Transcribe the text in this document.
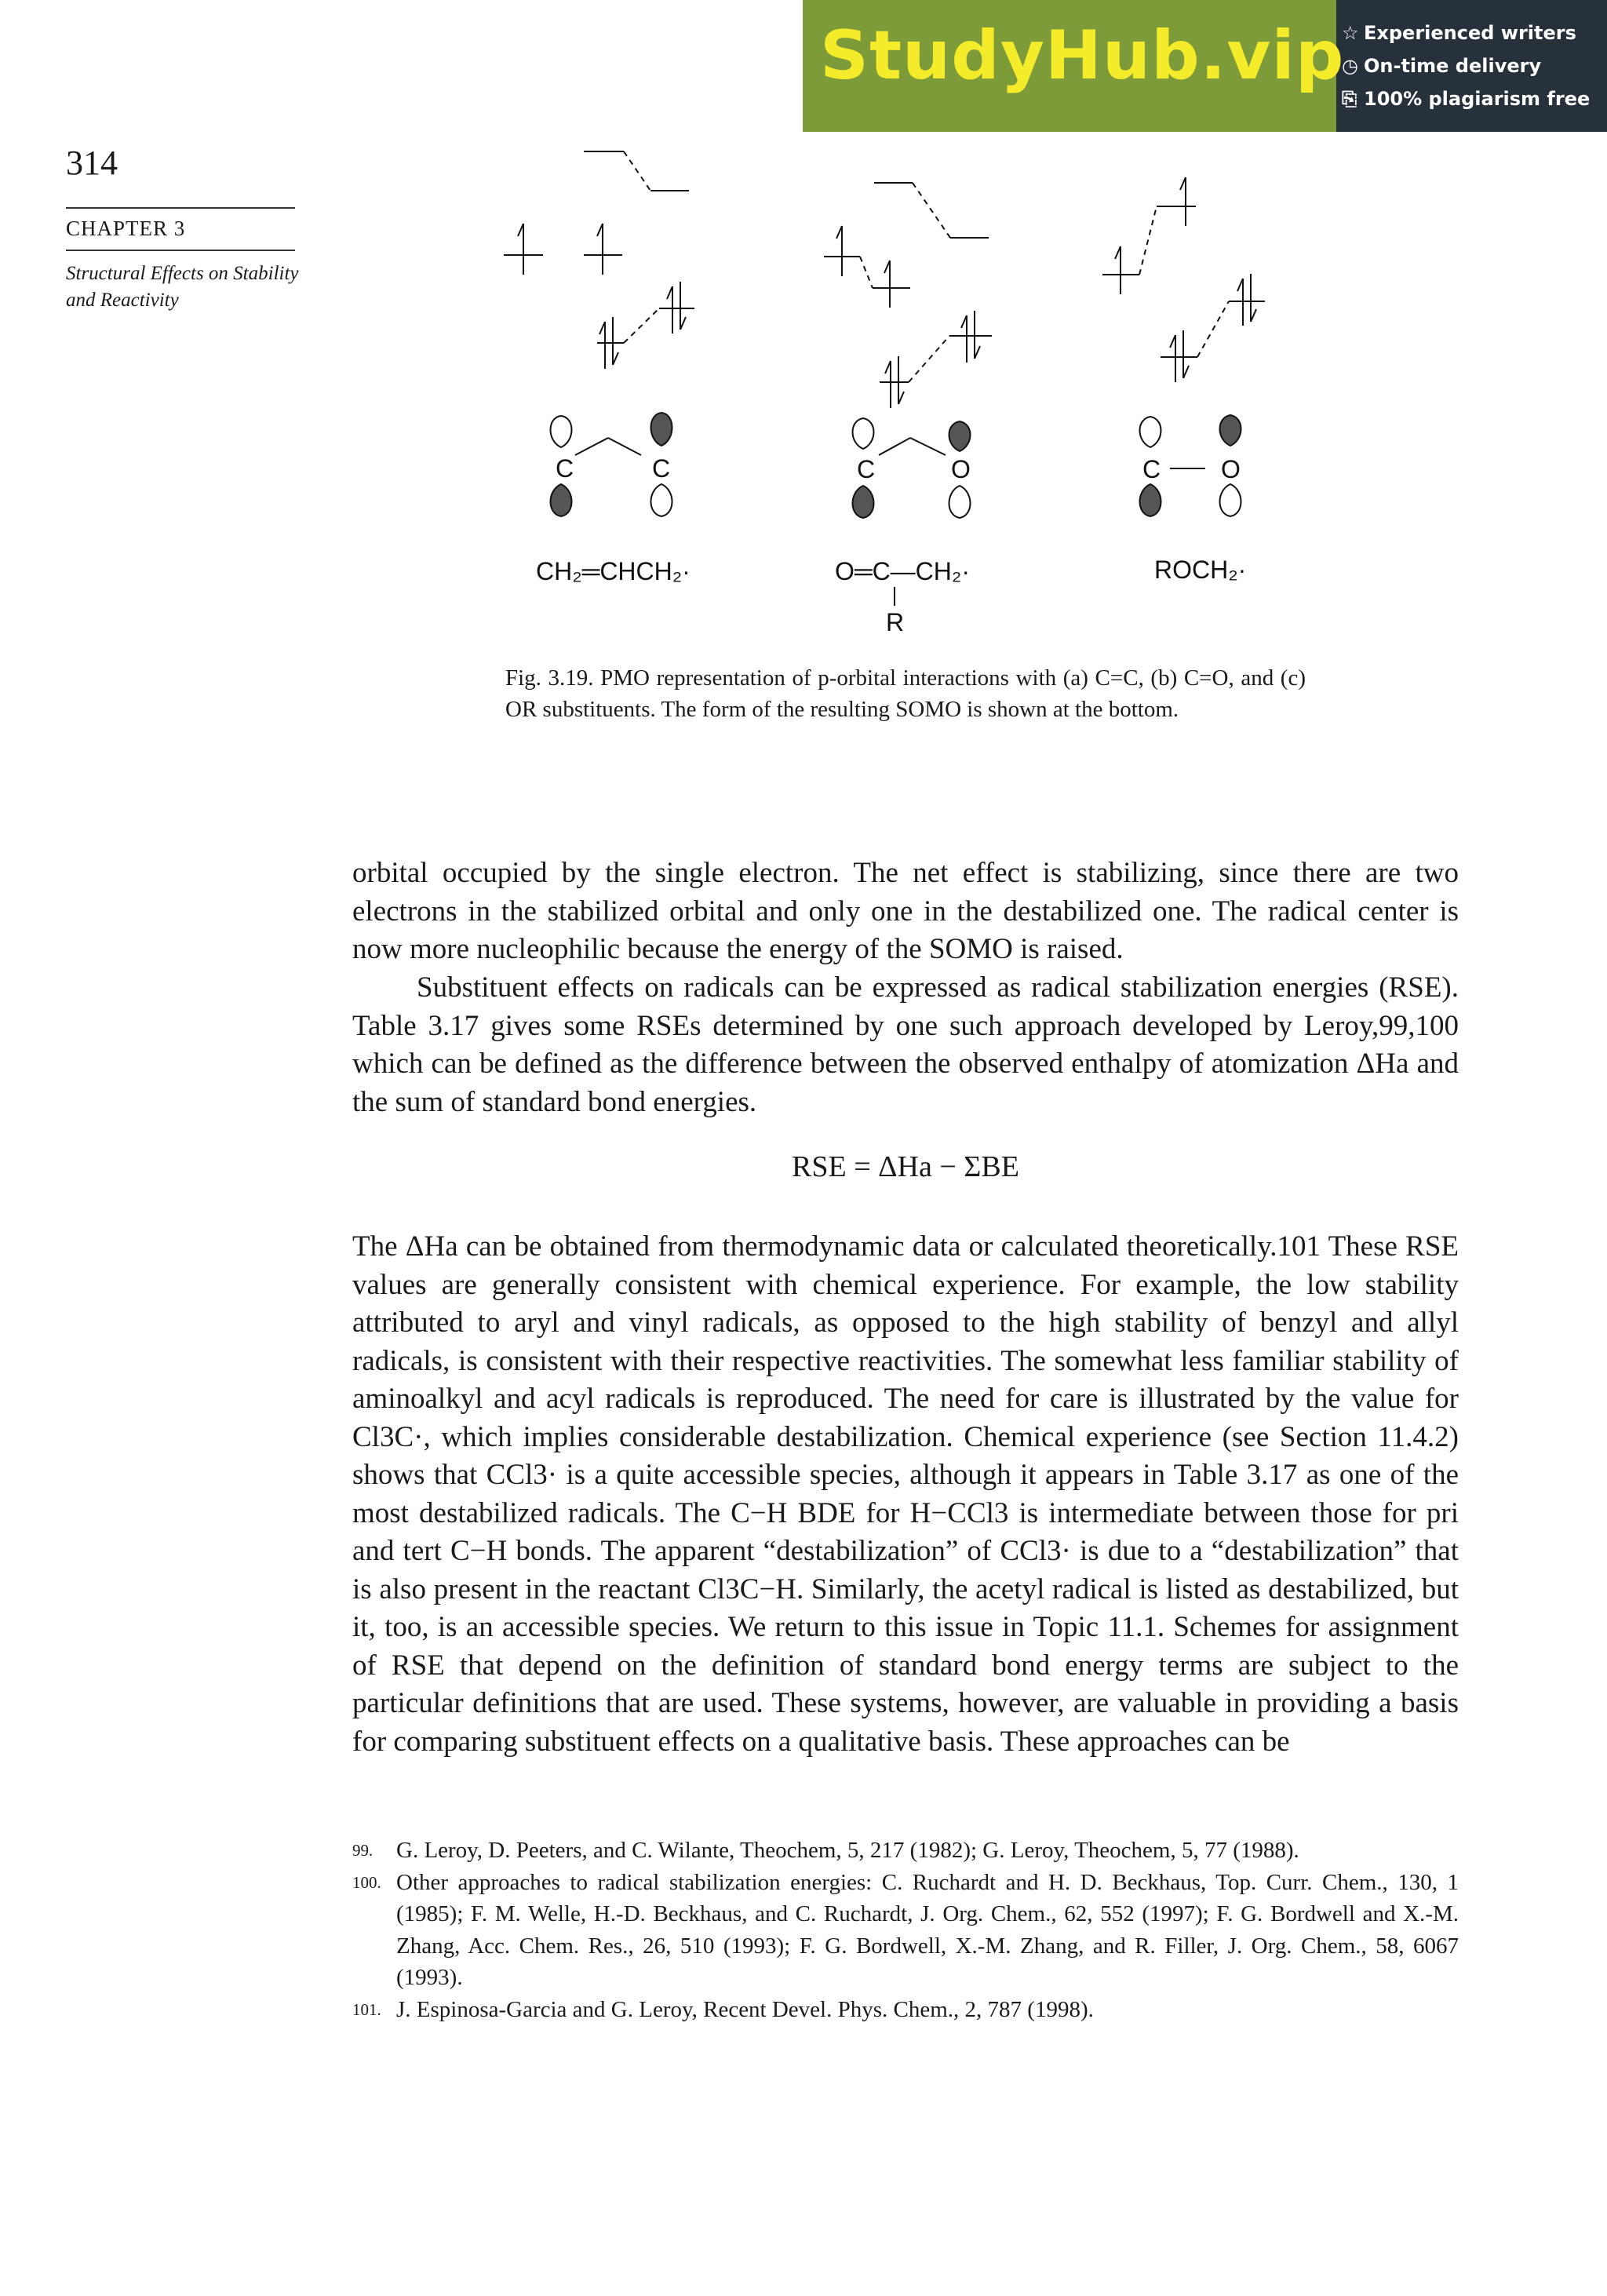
StudyHub.vip
☆ Experienced writers
◷ On-time delivery
⎘ 100% plagiarism free
314
CHAPTER 3
Structural Effects on Stability and Reactivity
C	C	C	O	C O
CH₂═CHCH₂·	O═C—CH₂·
R
ROCH₂·
Fig. 3.19. PMO representation of p-orbital interactions with (a) C=C, (b) C=O, and (c) OR substituents. The form of the resulting SOMO is shown at the bottom.
orbital occupied by the single electron. The net effect is stabilizing, since there are two electrons in the stabilized orbital and only one in the destabilized one. The radical center is now more nucleophilic because the energy of the SOMO is raised.
Substituent effects on radicals can be expressed as radical stabilization energies (RSE). Table 3.17 gives some RSEs determined by one such approach developed by Leroy,99,100 which can be defined as the difference between the observed enthalpy of atomization ΔHa and the sum of standard bond energies.
RSE = ΔHa − ΣBE
The ΔHa can be obtained from thermodynamic data or calculated theoretically.101 These RSE values are generally consistent with chemical experience. For example, the low stability attributed to aryl and vinyl radicals, as opposed to the high stability of benzyl and allyl radicals, is consistent with their respective reactivities. The somewhat less familiar stability of aminoalkyl and acyl radicals is reproduced. The need for care is illustrated by the value for Cl3C·, which implies considerable destabilization. Chemical experience (see Section 11.4.2) shows that CCl3· is a quite accessible species, although it appears in Table 3.17 as one of the most destabilized radicals. The C−H BDE for H−CCl3 is intermediate between those for pri and tert C−H bonds. The apparent “destabilization” of CCl3· is due to a “destabilization” that is also present in the reactant Cl3C−H. Similarly, the acetyl radical is listed as destabilized, but it, too, is an accessible species. We return to this issue in Topic 11.1. Schemes for assignment of RSE that depend on the definition of standard bond energy terms are subject to the particular definitions that are used. These systems, however, are valuable in providing a basis for comparing substituent effects on a qualitative basis. These approaches can be
99. G. Leroy, D. Peeters, and C. Wilante, Theochem, 5, 217 (1982); G. Leroy, Theochem, 5, 77 (1988).
100. Other approaches to radical stabilization energies: C. Ruchardt and H. D. Beckhaus, Top. Curr. Chem., 130, 1 (1985); F. M. Welle, H.-D. Beckhaus, and C. Ruchardt, J. Org. Chem., 62, 552 (1997); F. G. Bordwell and X.-M. Zhang, Acc. Chem. Res., 26, 510 (1993); F. G. Bordwell, X.-M. Zhang, and R. Filler, J. Org. Chem., 58, 6067 (1993).
101. J. Espinosa-Garcia and G. Leroy, Recent Devel. Phys. Chem., 2, 787 (1998).
